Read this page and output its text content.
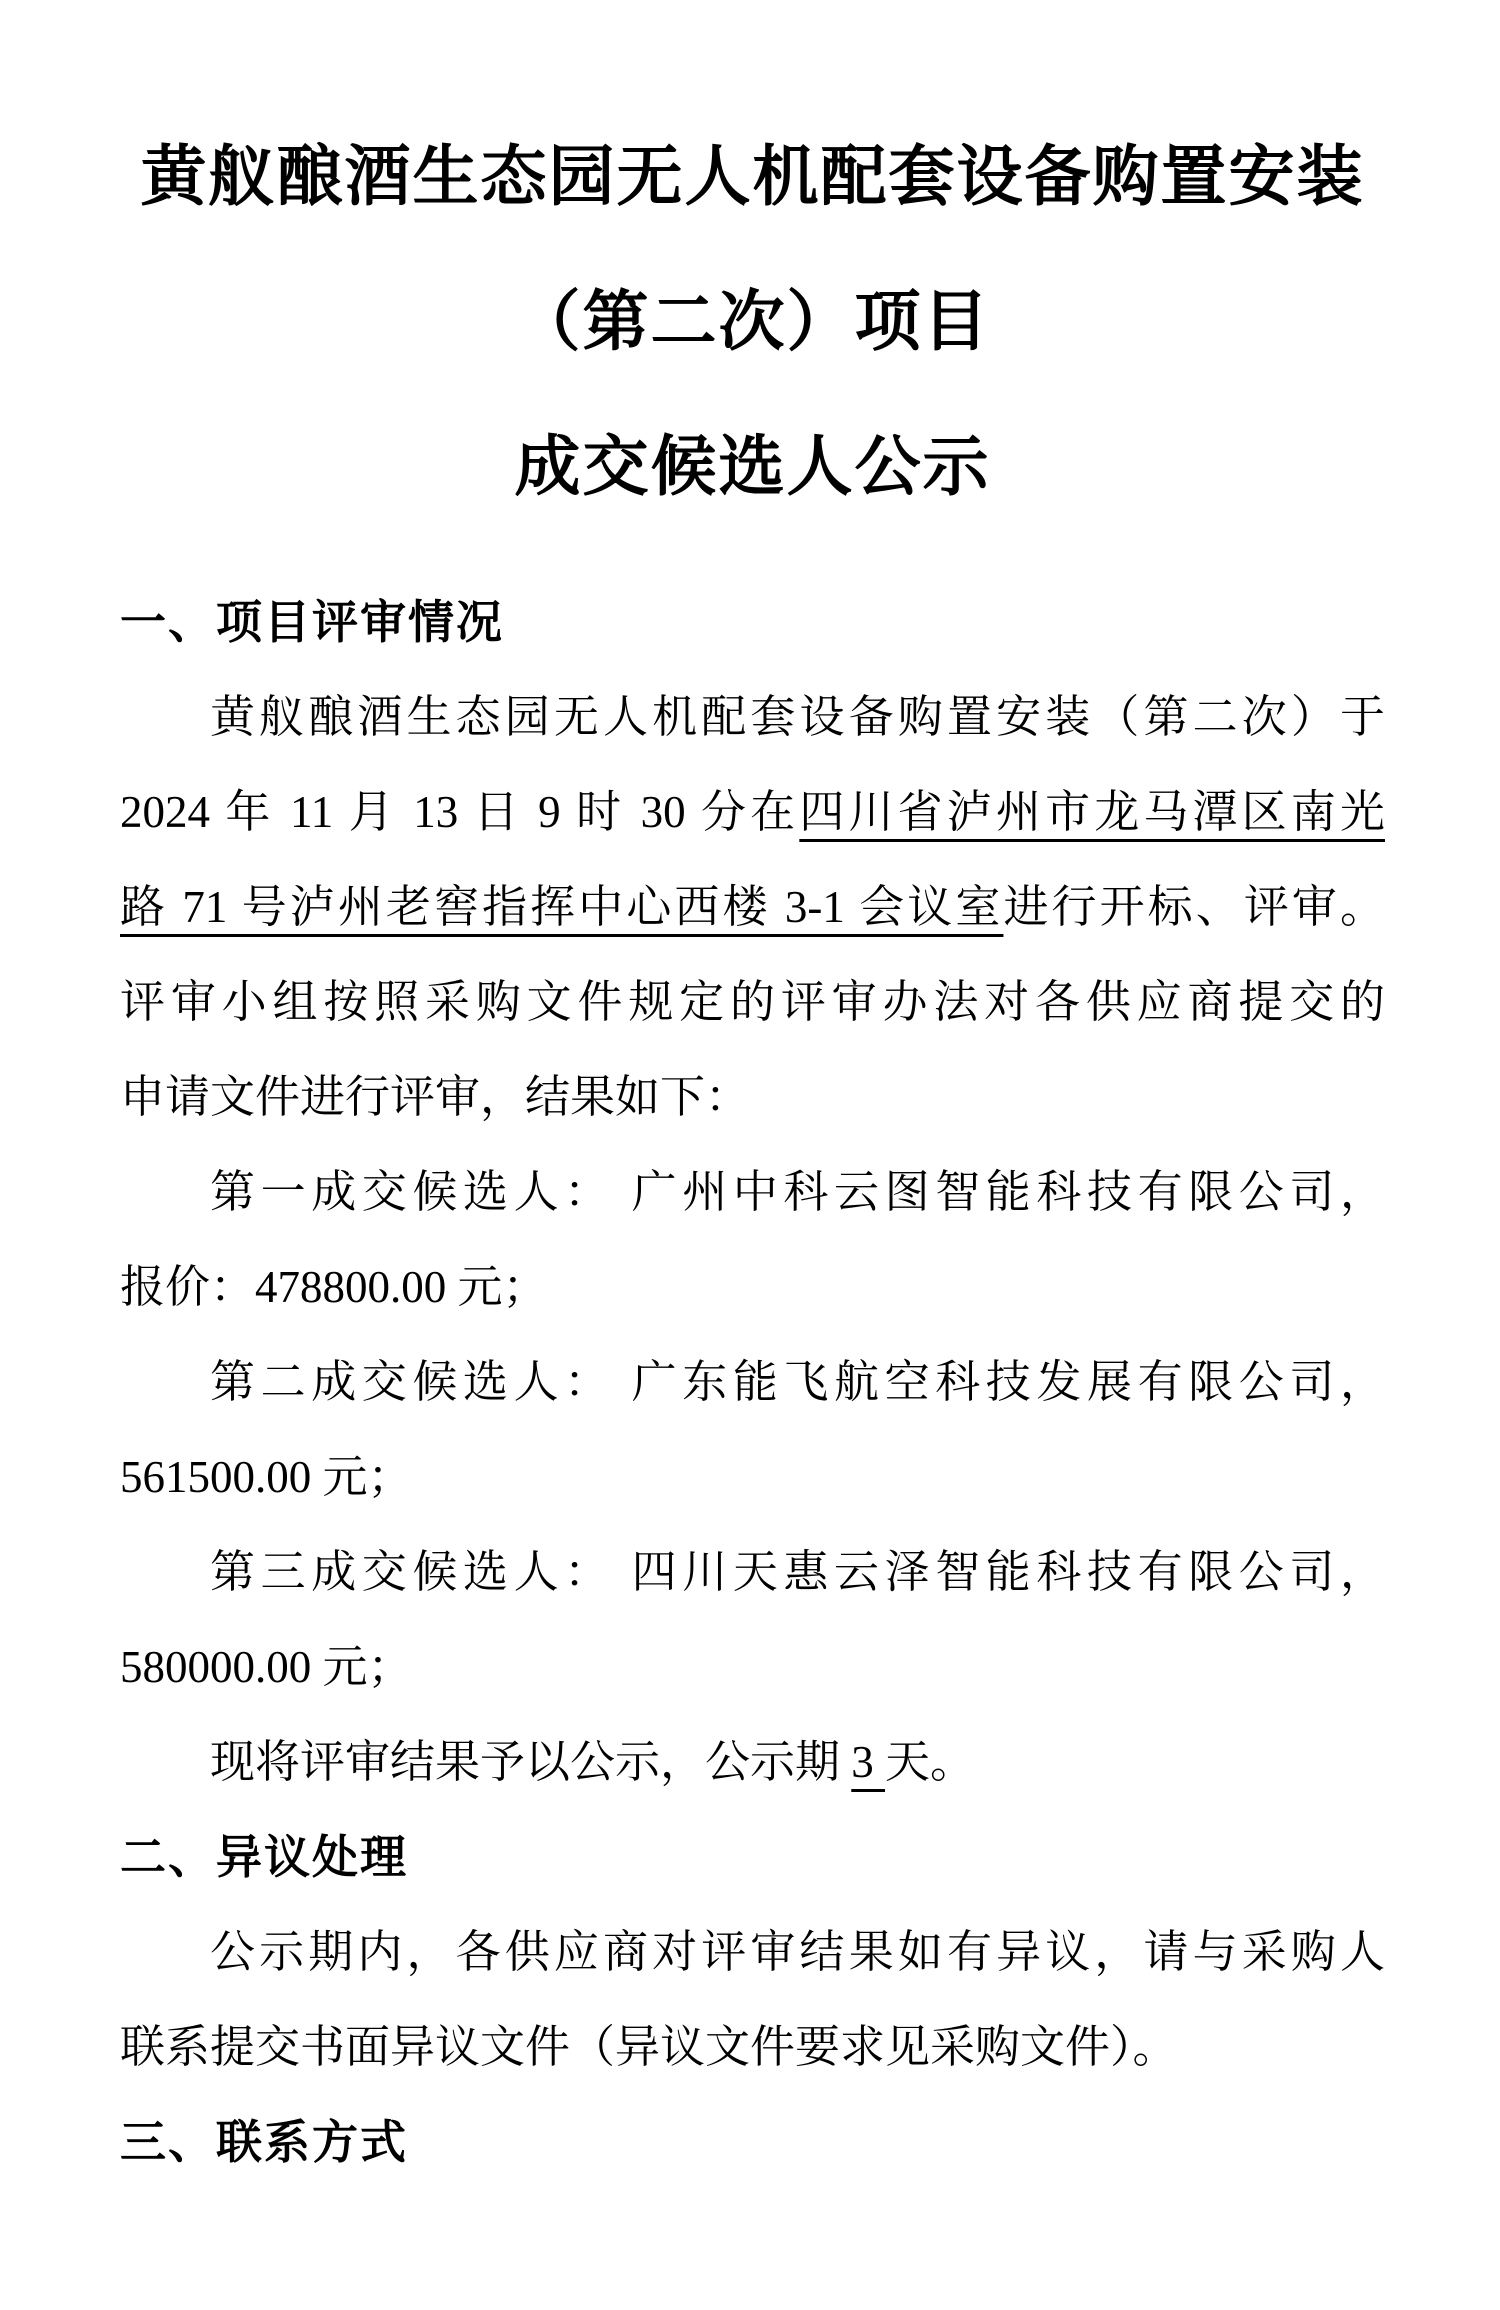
黄舣酿酒生态园无人机配套设备购置安装
（第二次）项目
成交候选人公示
一、项目评审情况
黄舣酿酒生态园无人机配套设备购置安装（第二次）于
2024 年 11 月 13 日 9 时 30 分在四川省泸州市龙马潭区南光
路 71 号泸州老窖指挥中心西楼 3-1 会议室进行开标、评审。
评审小组按照采购文件规定的评审办法对各供应商提交的
申请文件进行评审，结果如下：
第一成交候选人： 广州中科云图智能科技有限公司，
报价：478800.00 元；
第二成交候选人： 广东能飞航空科技发展有限公司，
561500.00 元；
第三成交候选人： 四川天惠云泽智能科技有限公司，
580000.00 元；
现将评审结果予以公示，公示期 3 天。
二、异议处理
公示期内，各供应商对评审结果如有异议，请与采购人
联系提交书面异议文件（异议文件要求见采购文件）。
三、联系方式
